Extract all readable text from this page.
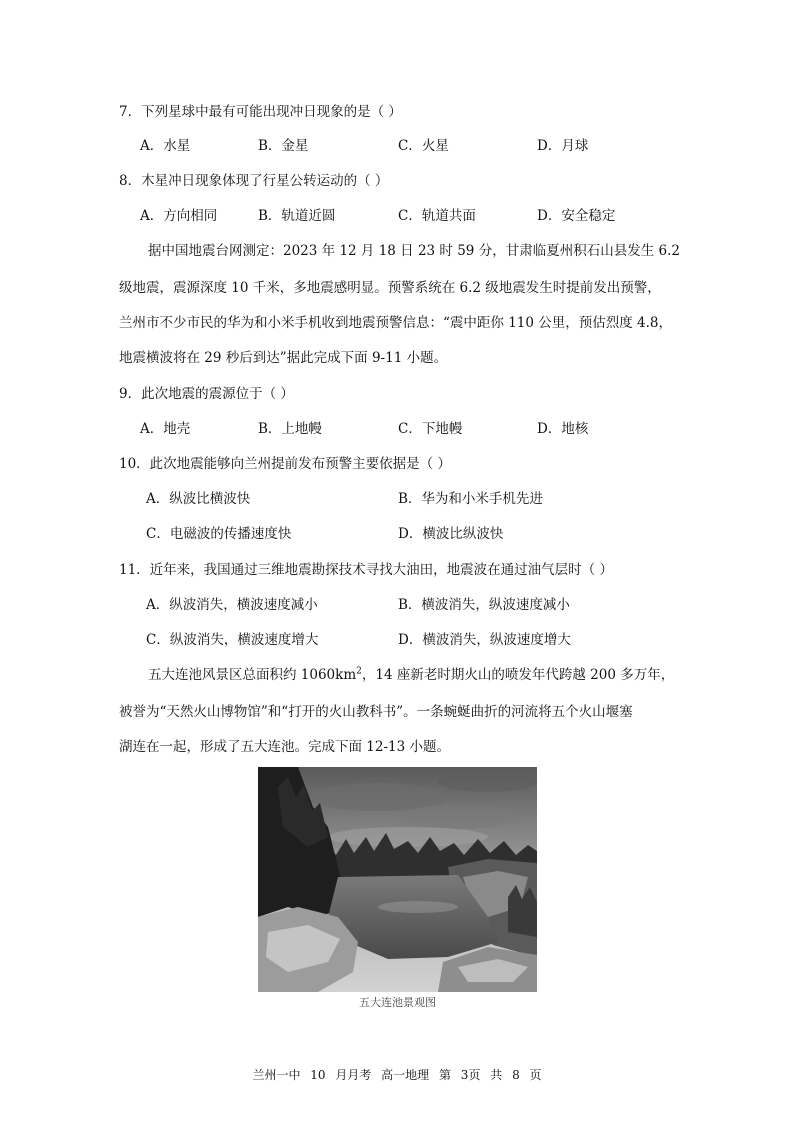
7．下列星球中最有可能出现冲日现象的是（ ）
A．水星	B．金星	C．火星	D．月球
8．木星冲日现象体现了行星公转运动的（ ）
A．方向相同	B．轨道近圆	C．轨道共面	D．安全稳定
据中国地震台网测定：2023 年 12 月 18 日 23 时 59 分，甘肃临夏州积石山县发生 6.2
级地震，震源深度 10 千米，多地震感明显。预警系统在 6.2 级地震发生时提前发出预警，
兰州市不少市民的华为和小米手机收到地震预警信息：“震中距你 110 公里，预估烈度 4.8，
地震横波将在 29 秒后到达”据此完成下面 9-11 小题。
9．此次地震的震源位于（ ）
A．地壳	B．上地幔	C．下地幔	D．地核
10．此次地震能够向兰州提前发布预警主要依据是（ ）
A．纵波比横波快	B．华为和小米手机先进
C．电磁波的传播速度快	D．横波比纵波快
11．近年来，我国通过三维地震勘探技术寻找大油田，地震波在通过油气层时（ ）
A．纵波消失，横波速度减小	B．横波消失，纵波速度减小
C．纵波消失，横波速度增大	D．横波消失，纵波速度增大
五大连池风景区总面积约 $1060km^2$，14 座新老时期火山的喷发年代跨越 200 多万年，
被誉为“天然火山博物馆”和“打开的火山教科书”。一条蜿蜒曲折的河流将五个火山堰塞
湖连在一起，形成了五大连池。完成下面 12-13 小题。
五大连池景观图
兰州一中 10 月月考 高一地理 第 3页 共 8 页
